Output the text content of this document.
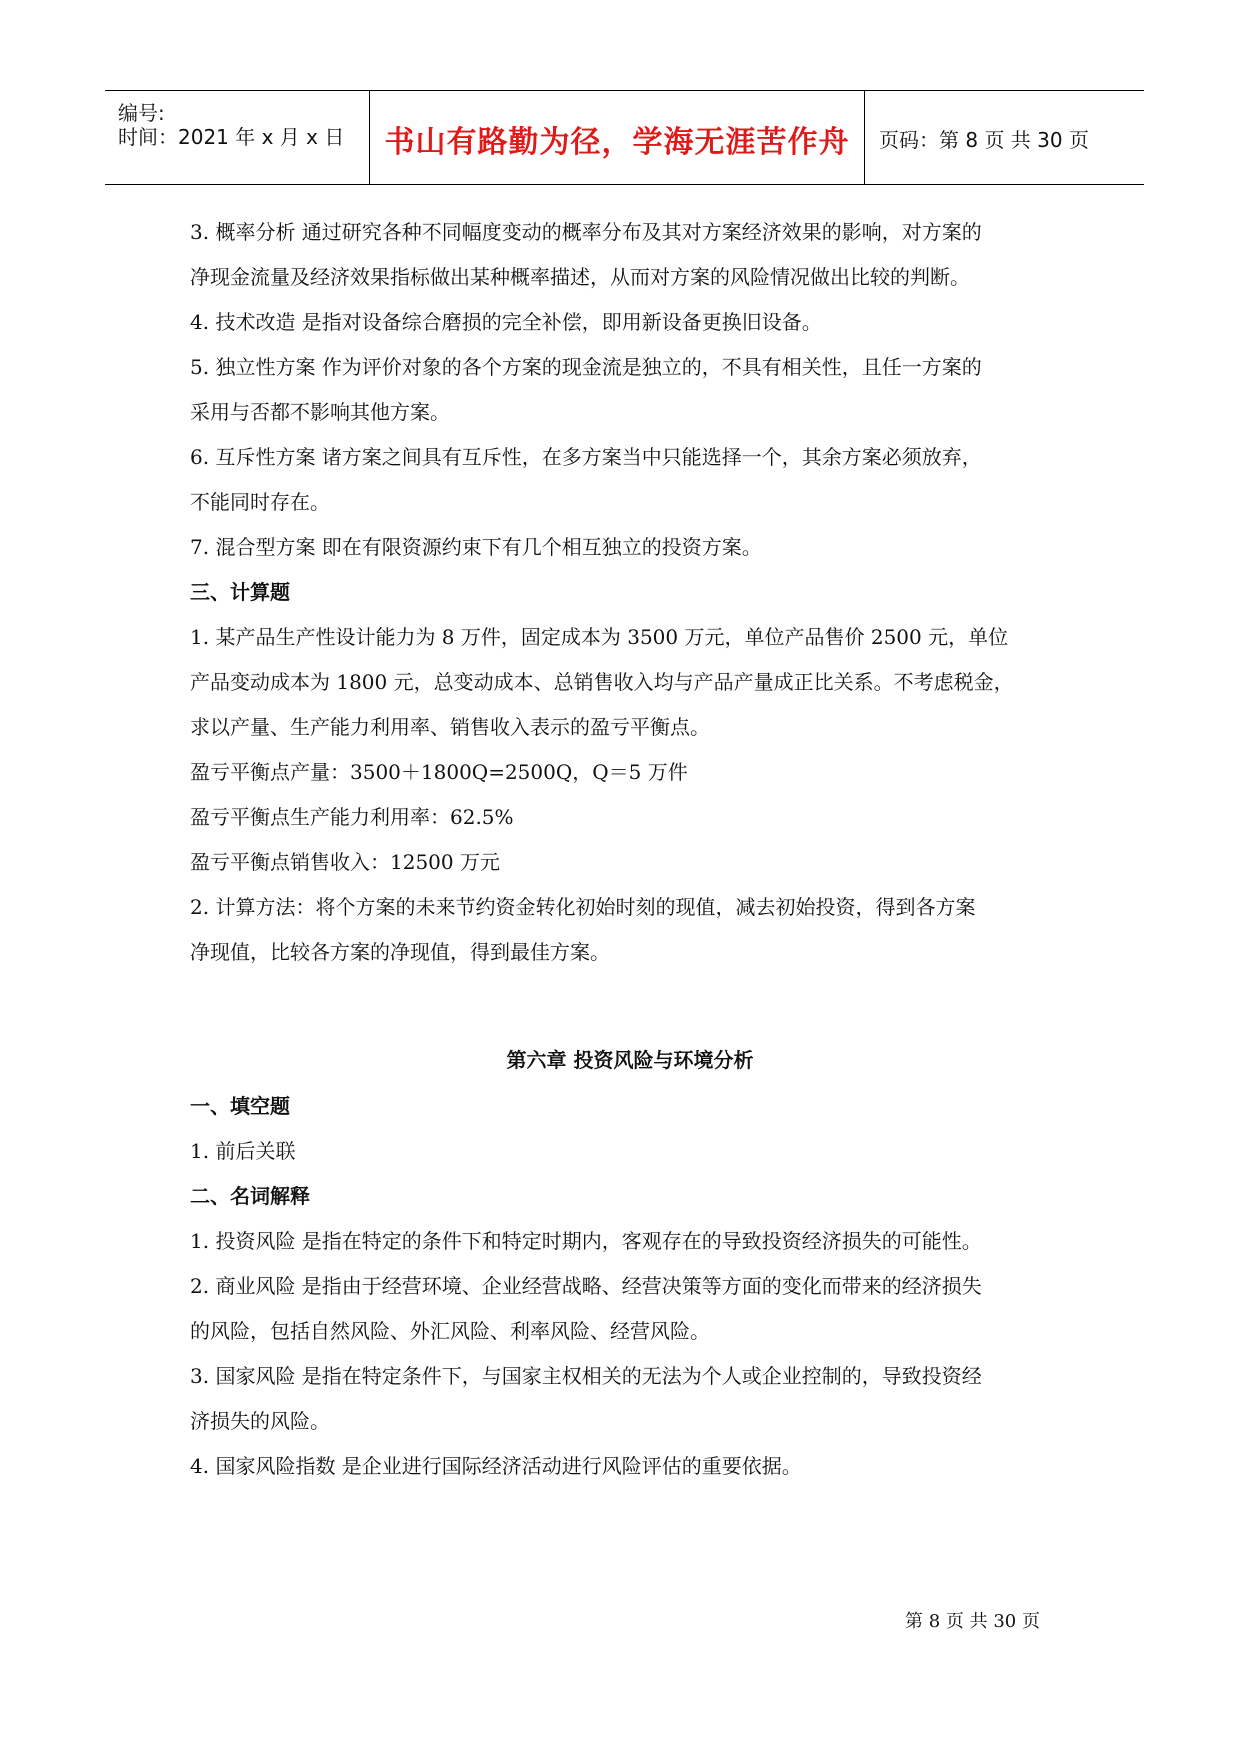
编号:
时间：2021 年 x 月 x 日	书山有路勤为径，学海无涯苦作舟	页码：第 8 页 共 30 页
3. 概率分析 通过研究各种不同幅度变动的概率分布及其对方案经济效果的影响，对方案的
净现金流量及经济效果指标做出某种概率描述，从而对方案的风险情况做出比较的判断。
4. 技术改造 是指对设备综合磨损的完全补偿，即用新设备更换旧设备。
5. 独立性方案 作为评价对象的各个方案的现金流是独立的，不具有相关性，且任一方案的
采用与否都不影响其他方案。
6. 互斥性方案 诸方案之间具有互斥性，在多方案当中只能选择一个，其余方案必须放弃，
不能同时存在。
7. 混合型方案 即在有限资源约束下有几个相互独立的投资方案。
三、计算题
1. 某产品生产性设计能力为 8 万件，固定成本为 3500 万元，单位产品售价 2500 元，单位
产品变动成本为 1800 元，总变动成本、总销售收入均与产品产量成正比关系。不考虑税金，
求以产量、生产能力利用率、销售收入表示的盈亏平衡点。
盈亏平衡点产量：3500＋1800Q=2500Q，Q＝5 万件
盈亏平衡点生产能力利用率：62.5%
盈亏平衡点销售收入：12500 万元
2. 计算方法：将个方案的未来节约资金转化初始时刻的现值，减去初始投资，得到各方案
净现值，比较各方案的净现值，得到最佳方案。
第六章 投资风险与环境分析
一、填空题
1. 前后关联
二、名词解释
1. 投资风险 是指在特定的条件下和特定时期内，客观存在的导致投资经济损失的可能性。
2. 商业风险 是指由于经营环境、企业经营战略、经营决策等方面的变化而带来的经济损失
的风险，包括自然风险、外汇风险、利率风险、经营风险。
3. 国家风险 是指在特定条件下，与国家主权相关的无法为个人或企业控制的，导致投资经
济损失的风险。
4. 国家风险指数 是企业进行国际经济活动进行风险评估的重要依据。
第 8 页 共 30 页
